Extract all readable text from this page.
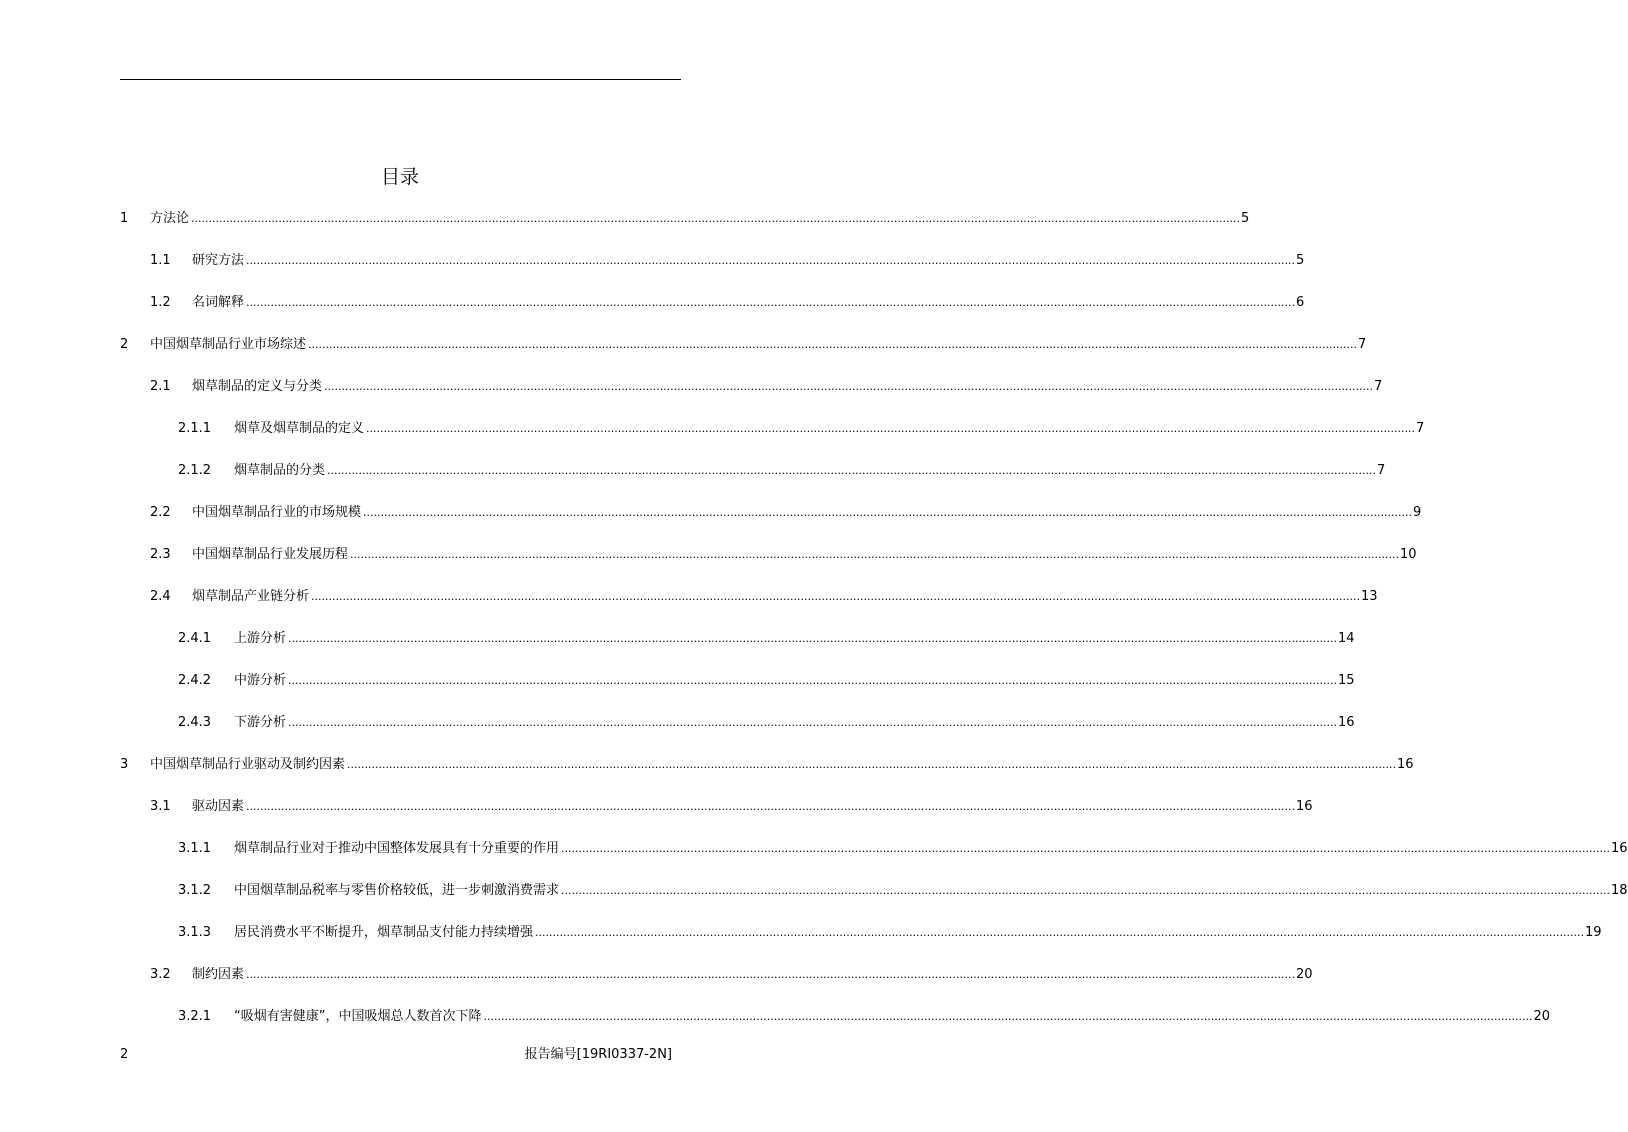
目录
1	方法论 ............................................................................................................................................................................................................................................................................................................ 5
1.1	研究方法 ............................................................................................................................................................................................................................................................................................................ 5
1.2	名词解释 ............................................................................................................................................................................................................................................................................................................ 6
2	中国烟草制品行业市场综述 ............................................................................................................................................................................................................................................................................................................ 7
2.1	烟草制品的定义与分类 ............................................................................................................................................................................................................................................................................................................ 7
2.1.1	烟草及烟草制品的定义 ............................................................................................................................................................................................................................................................................................................ 7
2.1.2	烟草制品的分类 ............................................................................................................................................................................................................................................................................................................ 7
2.2	中国烟草制品行业的市场规模 ............................................................................................................................................................................................................................................................................................................ 9
2.3	中国烟草制品行业发展历程 ............................................................................................................................................................................................................................................................................................................ 10
2.4	烟草制品产业链分析 ............................................................................................................................................................................................................................................................................................................ 13
2.4.1	上游分析 ............................................................................................................................................................................................................................................................................................................ 14
2.4.2	中游分析 ............................................................................................................................................................................................................................................................................................................ 15
2.4.3	下游分析 ............................................................................................................................................................................................................................................................................................................ 16
3	中国烟草制品行业驱动及制约因素 ............................................................................................................................................................................................................................................................................................................ 16
3.1	驱动因素 ............................................................................................................................................................................................................................................................................................................ 16
3.1.1	烟草制品行业对于推动中国整体发展具有十分重要的作用 ............................................................................................................................................................................................................................................................................................................ 16
3.1.2	中国烟草制品税率与零售价格较低，进一步刺激消费需求 ............................................................................................................................................................................................................................................................................................................ 18
3.1.3	居民消费水平不断提升，烟草制品支付能力持续增强 ............................................................................................................................................................................................................................................................................................................ 19
3.2	制约因素 ............................................................................................................................................................................................................................................................................................................ 20
3.2.1	“吸烟有害健康”，中国吸烟总人数首次下降 ............................................................................................................................................................................................................................................................................................................ 20
2	报告编号[19RI0337-2N]
